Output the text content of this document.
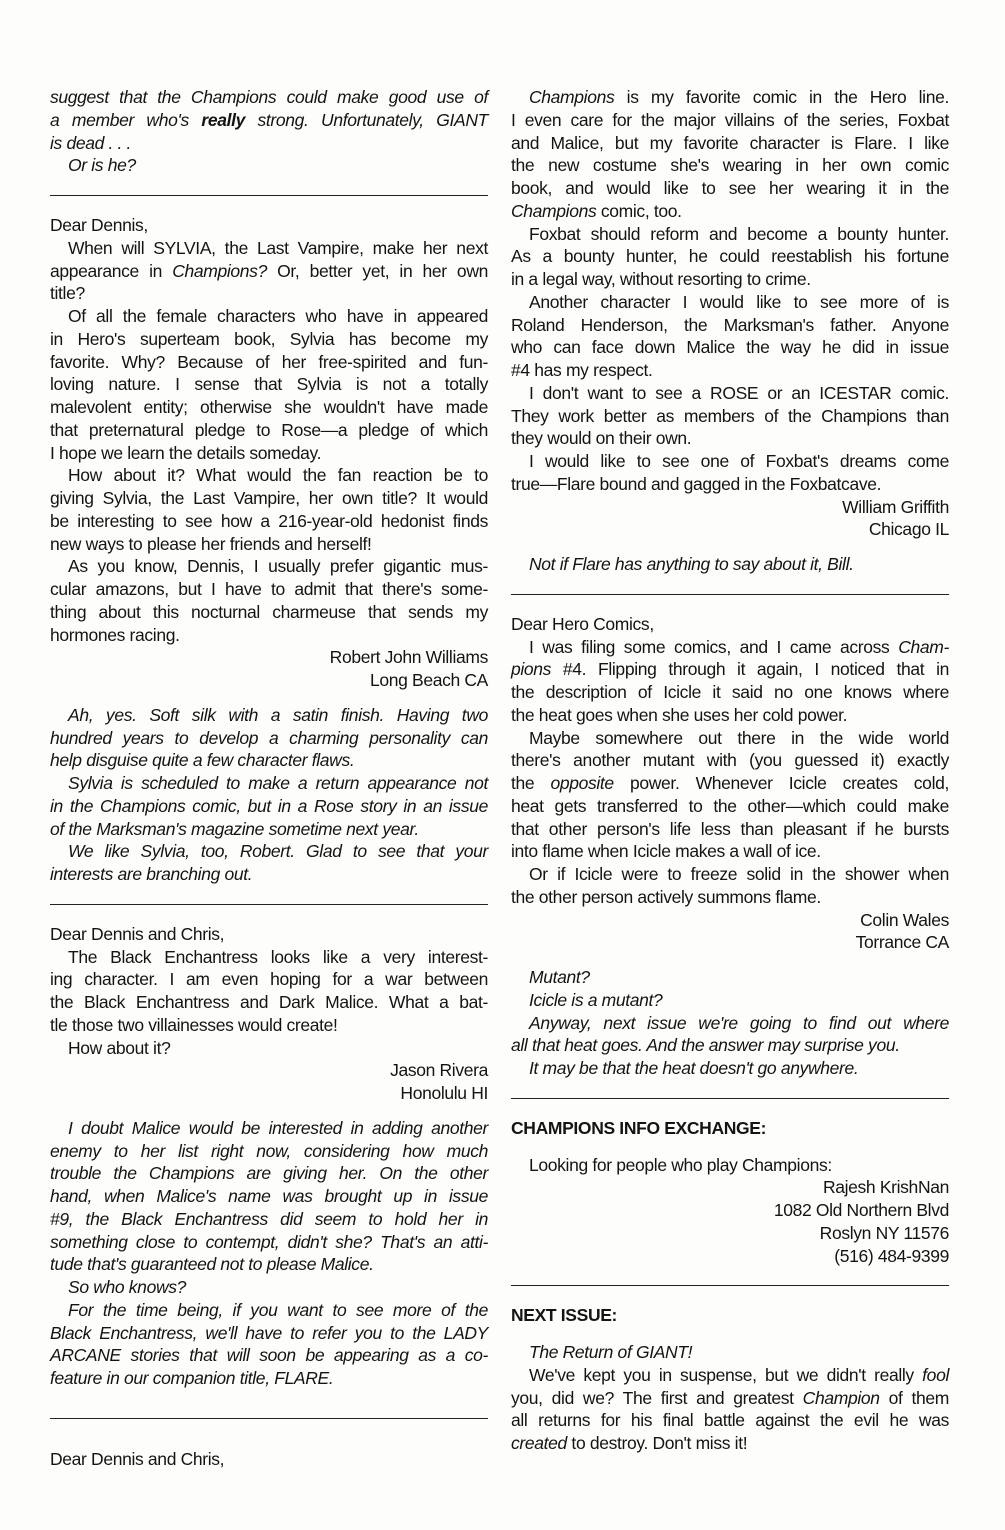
suggest that the Champions could make good use of
a member who's really strong. Unfortunately, GIANT
is dead . . .
Or is he?
Dear Dennis,
When will SYLVIA, the Last Vampire, make her next
appearance in Champions? Or, better yet, in her own
title?
Of all the female characters who have in appeared
in Hero's superteam book, Sylvia has become my
favorite. Why? Because of her free-spirited and fun-
loving nature. I sense that Sylvia is not a totally
malevolent entity; otherwise she wouldn't have made
that preternatural pledge to Rose—a pledge of which
I hope we learn the details someday.
How about it? What would the fan reaction be to
giving Sylvia, the Last Vampire, her own title? It would
be interesting to see how a 216-year-old hedonist finds
new ways to please her friends and herself!
As you know, Dennis, I usually prefer gigantic mus-
cular amazons, but I have to admit that there's some-
thing about this nocturnal charmeuse that sends my
hormones racing.
Robert John Williams
Long Beach CA
Ah, yes. Soft silk with a satin finish. Having two
hundred years to develop a charming personality can
help disguise quite a few character flaws.
Sylvia is scheduled to make a return appearance not
in the Champions comic, but in a Rose story in an issue
of the Marksman's magazine sometime next year.
We like Sylvia, too, Robert. Glad to see that your
interests are branching out.
Dear Dennis and Chris,
The Black Enchantress looks like a very interest-
ing character. I am even hoping for a war between
the Black Enchantress and Dark Malice. What a bat-
tle those two villainesses would create!
How about it?
Jason Rivera
Honolulu HI
I doubt Malice would be interested in adding another
enemy to her list right now, considering how much
trouble the Champions are giving her. On the other
hand, when Malice's name was brought up in issue
#9, the Black Enchantress did seem to hold her in
something close to contempt, didn't she? That's an atti-
tude that's guaranteed not to please Malice.
So who knows?
For the time being, if you want to see more of the
Black Enchantress, we'll have to refer you to the LADY
ARCANE stories that will soon be appearing as a co-
feature in our companion title, FLARE.
Dear Dennis and Chris,
Champions is my favorite comic in the Hero line.
I even care for the major villains of the series, Foxbat
and Malice, but my favorite character is Flare. I like
the new costume she's wearing in her own comic
book, and would like to see her wearing it in the
Champions comic, too.
Foxbat should reform and become a bounty hunter.
As a bounty hunter, he could reestablish his fortune
in a legal way, without resorting to crime.
Another character I would like to see more of is
Roland Henderson, the Marksman's father. Anyone
who can face down Malice the way he did in issue
#4 has my respect.
I don't want to see a ROSE or an ICESTAR comic.
They work better as members of the Champions than
they would on their own.
I would like to see one of Foxbat's dreams come
true—Flare bound and gagged in the Foxbatcave.
William Griffith
Chicago IL
Not if Flare has anything to say about it, Bill.
Dear Hero Comics,
I was filing some comics, and I came across Cham-
pions #4. Flipping through it again, I noticed that in
the description of Icicle it said no one knows where
the heat goes when she uses her cold power.
Maybe somewhere out there in the wide world
there's another mutant with (you guessed it) exactly
the opposite power. Whenever Icicle creates cold,
heat gets transferred to the other—which could make
that other person's life less than pleasant if he bursts
into flame when Icicle makes a wall of ice.
Or if Icicle were to freeze solid in the shower when
the other person actively summons flame.
Colin Wales
Torrance CA
Mutant?
Icicle is a mutant?
Anyway, next issue we're going to find out where
all that heat goes. And the answer may surprise you.
It may be that the heat doesn't go anywhere.
CHAMPIONS INFO EXCHANGE:
Looking for people who play Champions:
Rajesh KrishNan
1082 Old Northern Blvd
Roslyn NY 11576
(516) 484-9399
NEXT ISSUE:
The Return of GIANT!
We've kept you in suspense, but we didn't really fool
you, did we? The first and greatest Champion of them
all returns for his final battle against the evil he was
created to destroy. Don't miss it!
